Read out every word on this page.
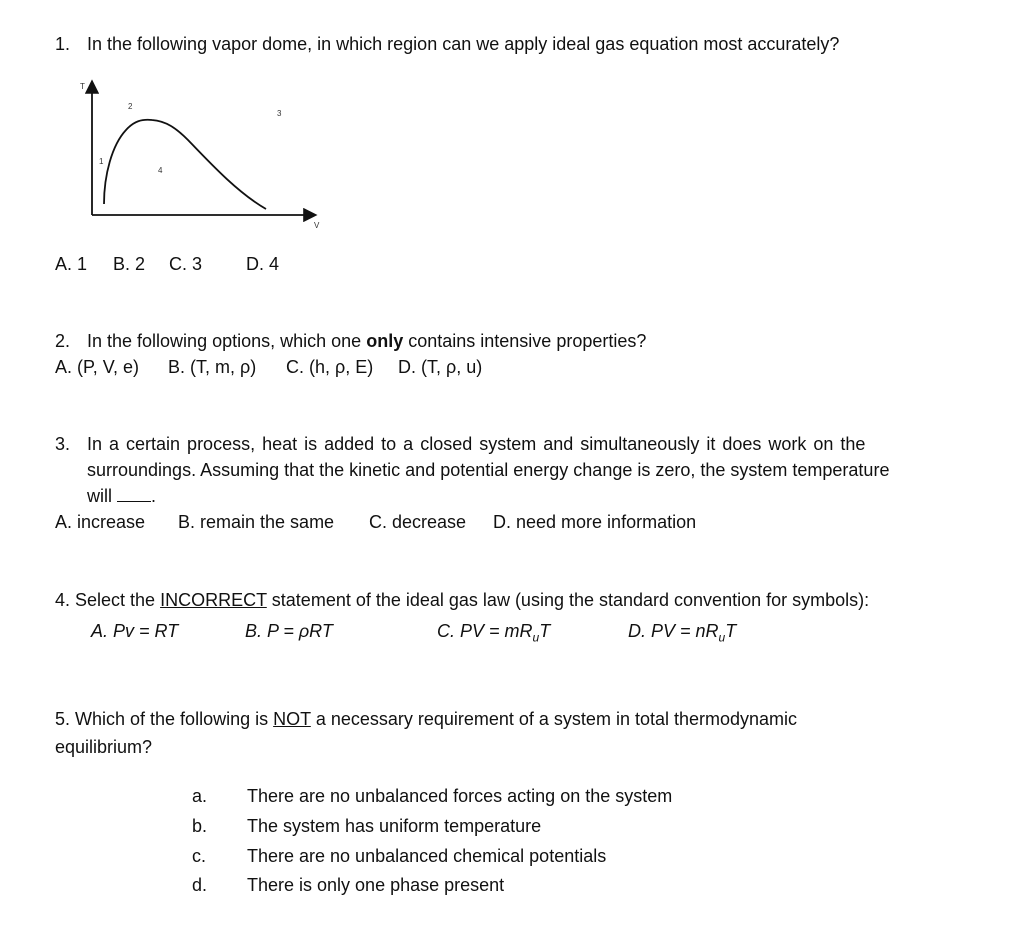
1. In the following vapor dome, in which region can we apply ideal gas equation most accurately?
T
V
1
2
3
4
A. 1 B. 2 C. 3 D. 4
2. In the following options, which one only contains intensive properties?
A. (P, V, e) B. (T, m, ρ) C. (h, ρ, E) D. (T, ρ, u)
3. In a certain process, heat is added to a closed system and simultaneously it does work on the
surroundings. Assuming that the kinetic and potential energy change is zero, the system temperature
will .
A. increase B. remain the same C. decrease D. need more information
4. Select the INCORRECT statement of the ideal gas law (using the standard convention for symbols):
A. Pv = RT	B. P = ρRT	C. PV = $mR_uT$	D. PV = $nR_uT$
5. Which of the following is NOT a necessary requirement of a system in total thermodynamic
equilibrium?
a. There are no unbalanced forces acting on the system
b. The system has uniform temperature
c. There are no unbalanced chemical potentials
d. There is only one phase present
